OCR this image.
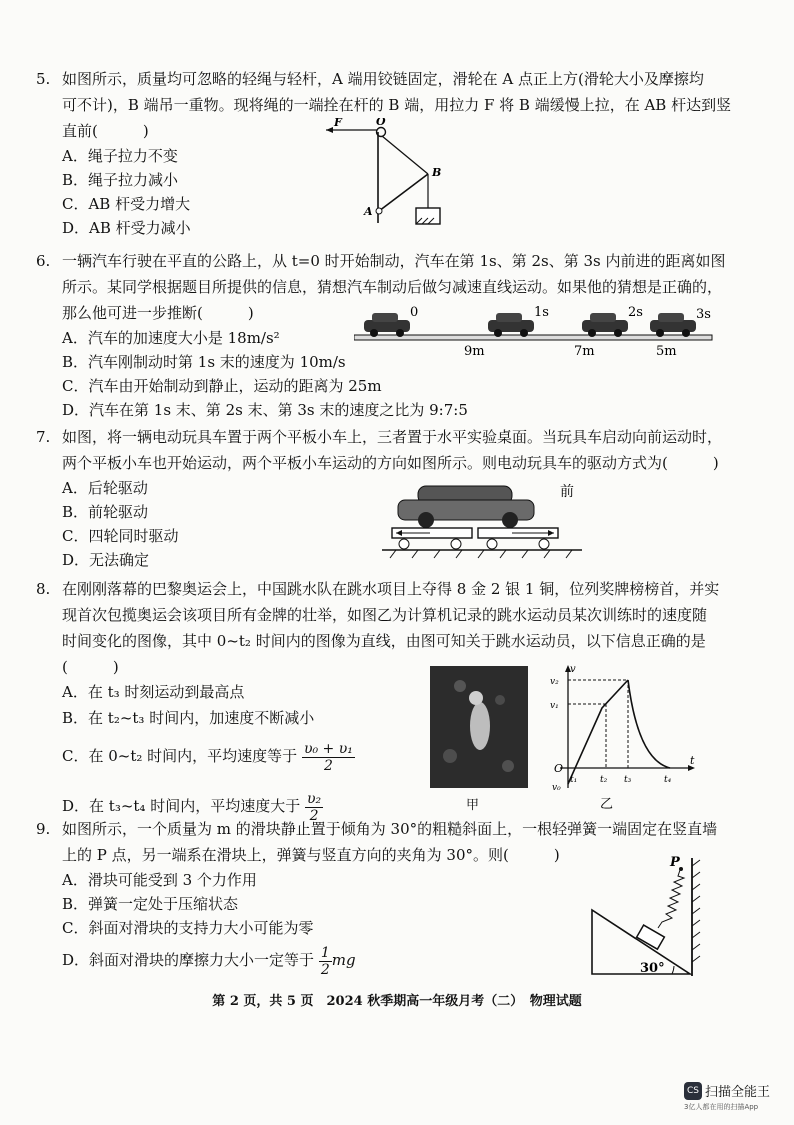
5. 如图所示，质量均可忽略的轻绳与轻杆，A 端用铰链固定，滑轮在 A 点正上方(滑轮大小及摩擦均

可不计)，B 端吊一重物。现将绳的一端拴在杆的 B 端，用拉力 F 将 B 端缓慢上拉，在 AB 杆达到竖

直前(　　　)

A．绳子拉力不变

B．绳子拉力减小

C．AB 杆受力增大

D．AB 杆受力减小

F	O
B
A
6. 一辆汽车行驶在平直的公路上，从 t=0 时开始制动，汽车在第 1s、第 2s、第 3s 内前进的距离如图

所示。某同学根据题目所提供的信息，猜想汽车制动后做匀减速直线运动。如果他的猜想是正确的，

那么他可进一步推断(　　　)

A．汽车的加速度大小是 18m/s²

B．汽车刚制动时第 1s 末的速度为 10m/s

C．汽车由开始制动到静止，运动的距离为 25m

D．汽车在第 1s 末、第 2s 末、第 3s 末的速度之比为 9:7:5

0	1s	2s	3s
9m	7m	5m
7. 如图，将一辆电动玩具车置于两个平板小车上，三者置于水平实验桌面。当玩具车启动向前运动时，

两个平板小车也开始运动，两个平板小车运动的方向如图所示。则电动玩具车的驱动方式为(　　　)

A．后轮驱动

B．前轮驱动

C．四轮同时驱动

D．无法确定

前
8. 在刚刚落幕的巴黎奥运会上，中国跳水队在跳水项目上夺得 8 金 2 银 1 铜，位列奖牌榜榜首，并实

现首次包揽奥运会该项目所有金牌的壮举，如图乙为计算机记录的跳水运动员某次训练时的速度随

时间变化的图像，其中 0~t₂ 时间内的图像为直线，由图可知关于跳水运动员，以下信息正确的是

(　　　)

A．在 t₃ 时刻运动到最高点

B．在 t₂~t₃ 时间内，加速度不断减小

C．在 0~t₂ 时间内，平均速度等于 $\frac{\text{υ₀ + υ₁}}{2}$

D．在 t₃~t₄ 时间内，平均速度大于 $\frac{\text{υ₂}}{2}$	甲
v
t
O
v₂
v₁
v₀
t₁	t₂ t₃	t₄
乙
9. 如图所示，一个质量为 m 的滑块静止置于倾角为 30°的粗糙斜面上，一根轻弹簧一端固定在竖直墙

上的 P 点，另一端系在滑块上，弹簧与竖直方向的夹角为 30°。则(　　　)

A．滑块可能受到 3 个力作用

B．弹簧一定处于压缩状态

C．斜面对滑块的支持力大小可能为零

D．斜面对滑块的摩擦力大小一定等于 $\frac{1}{2}$ mg

P
30°
第 2 页，共 5 页　2024 秋季期高一年级月考（二）　物理试题
CS 扫描全能王
3亿人都在用的扫描App
